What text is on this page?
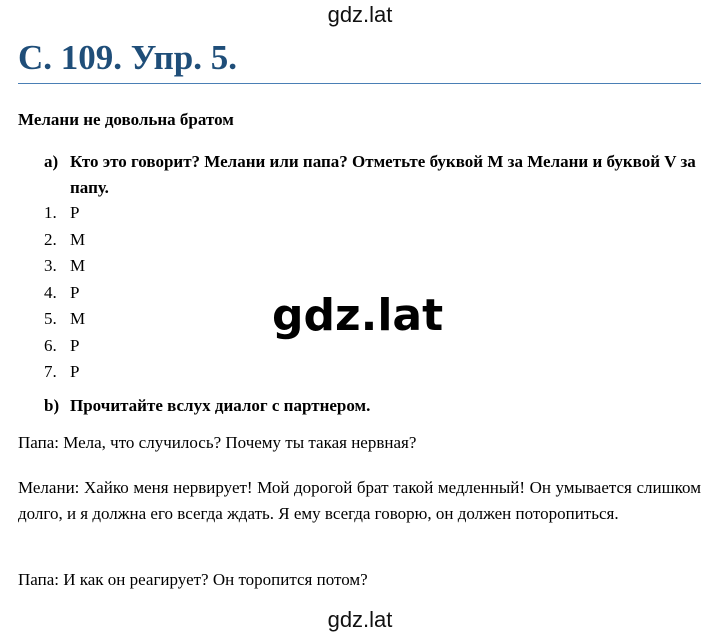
gdz.lat
С. 109. Упр. 5.
Мелани не довольна братом
a) Кто это говорит? Мелани или папа? Отметьте буквой М за Мелани и буквой V за папу.
1. Р
2. М
3. М
4. Р
5. М
6. Р
7. Р
gdz.lat
b) Прочитайте вслух диалог с партнером.
Папа: Мела, что случилось? Почему ты такая нервная?
Мелани: Хайко меня нервирует! Мой дорогой брат такой медленный! Он умывается слишком долго, и я должна его всегда ждать. Я ему всегда говорю, он должен поторопиться.
Папа: И как он реагирует? Он торопится потом?
gdz.lat
